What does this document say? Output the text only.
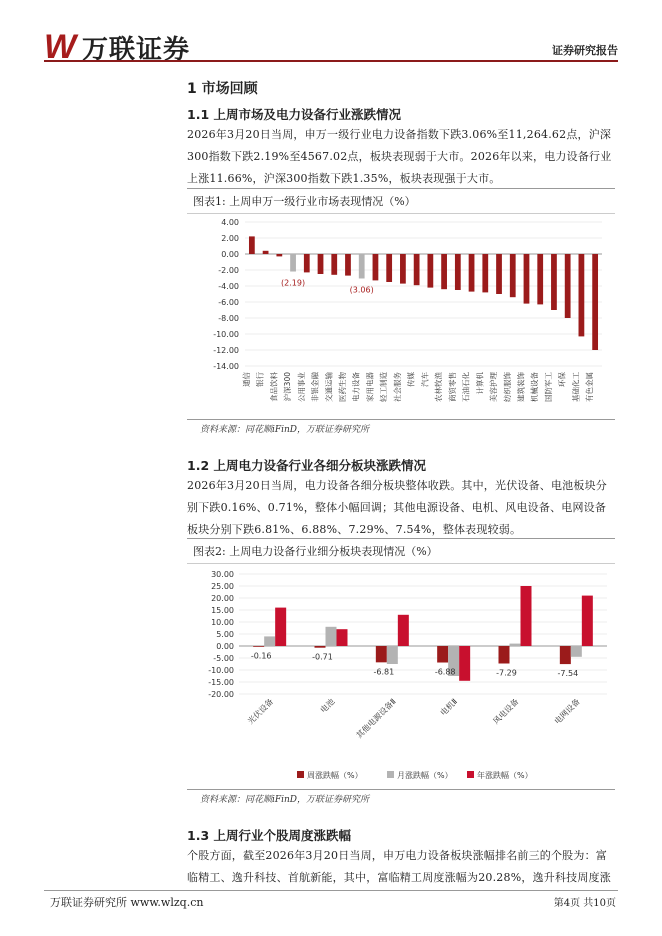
W 万联证券	证券研究报告
1 市场回顾
1.1 上周市场及电力设备行业涨跌情况
2026年3月20日当周，申万一级行业电力设备指数下跌3.06%至11,264.62点，沪深300指数下跌2.19%至4567.02点，板块表现弱于大市。2026年以来，电力设备行业上涨11.66%，沪深300指数下跌1.35%，板块表现强于大市。
图表1: 上周申万一级行业市场表现情况（%）
4.00
2.00
0.00
-2.00
-4.00
-6.00
-8.00
-10.00
-12.00
-14.00
通信 银行 食品饮料 沪深300 公用事业 非银金融 交通运输 医药生物 电力设备 家用电器 轻工制造 社会服务 传媒 汽车 农林牧渔 商贸零售 石油石化 计算机 美容护理 纺织服饰 建筑装饰 机械设备 国防军工 环保 基础化工 有色金属
(2.19)
(3.06)
资料来源：同花顺iFinD，万联证券研究所
1.2 上周电力设备行业各细分板块涨跌情况
2026年3月20日当周，电力设备各细分板块整体收跌。其中，光伏设备、电池板块分别下跌0.16%、0.71%，整体小幅回调；其他电源设备、电机、风电设备、电网设备板块分别下跌6.81%、6.88%、7.29%、7.54%，整体表现较弱。
图表2: 上周电力设备行业细分板块表现情况（%）
30.00
25.00
20.00
15.00
10.00
5.00
0.00
-5.00
-10.00
-15.00
-20.00
-0.16
光伏设备
-0.71
电池
-6.81
其他电源设备Ⅱ
-6.88
电机Ⅱ
-7.29
风电设备
-7.54
电网设备
周涨跌幅（%）	月涨跌幅（%）	年涨跌幅（%）
资料来源：同花顺iFinD，万联证券研究所
1.3 上周行业个股周度涨跌幅
个股方面，截至2026年3月20日当周，申万电力设备板块涨幅排名前三的个股为：富临精工、逸升科技、首航新能，其中，富临精工周度涨幅为20.28%，逸升科技周度涨
万联证券研究所 www.wlzq.cn	第4页 共10页
